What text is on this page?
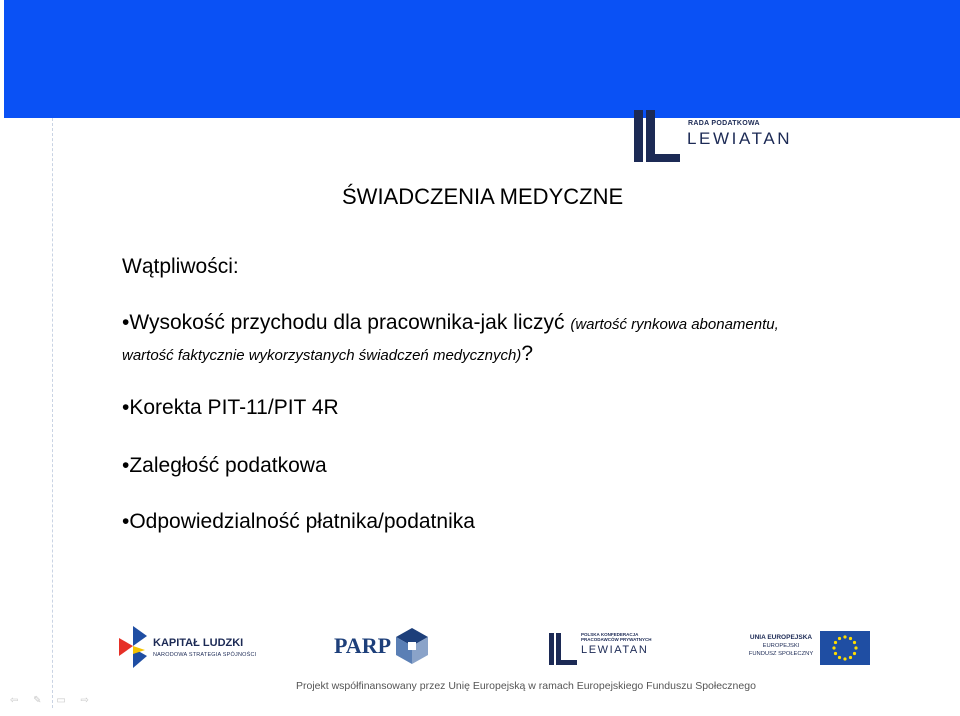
RADA PODATKOWA
LEWIATAN
ŚWIADCZENIA MEDYCZNE
Wątpliwości:
•Wysokość przychodu dla pracownika-jak liczyć (wartość rynkowa abonamentu,
wartość faktycznie wykorzystanych świadczeń medycznych)?
•Korekta PIT-11/PIT 4R
•Zaległość podatkowa
•Odpowiedzialność płatnika/podatnika
KAPITAŁ LUDZKI
NARODOWA STRATEGIA SPÓJNOŚCI	PARP	POLSKA KONFEDERACJA
PRACODAWCÓW PRYWATNYCH
LEWIATAN
UNIA EUROPEJSKA
EUROPEJSKI
FUNDUSZ SPOŁECZNY
Projekt współfinansowany przez Unię Europejską w ramach Europejskiego Funduszu Społecznego
⇦ ✎ ▭ ⇨
